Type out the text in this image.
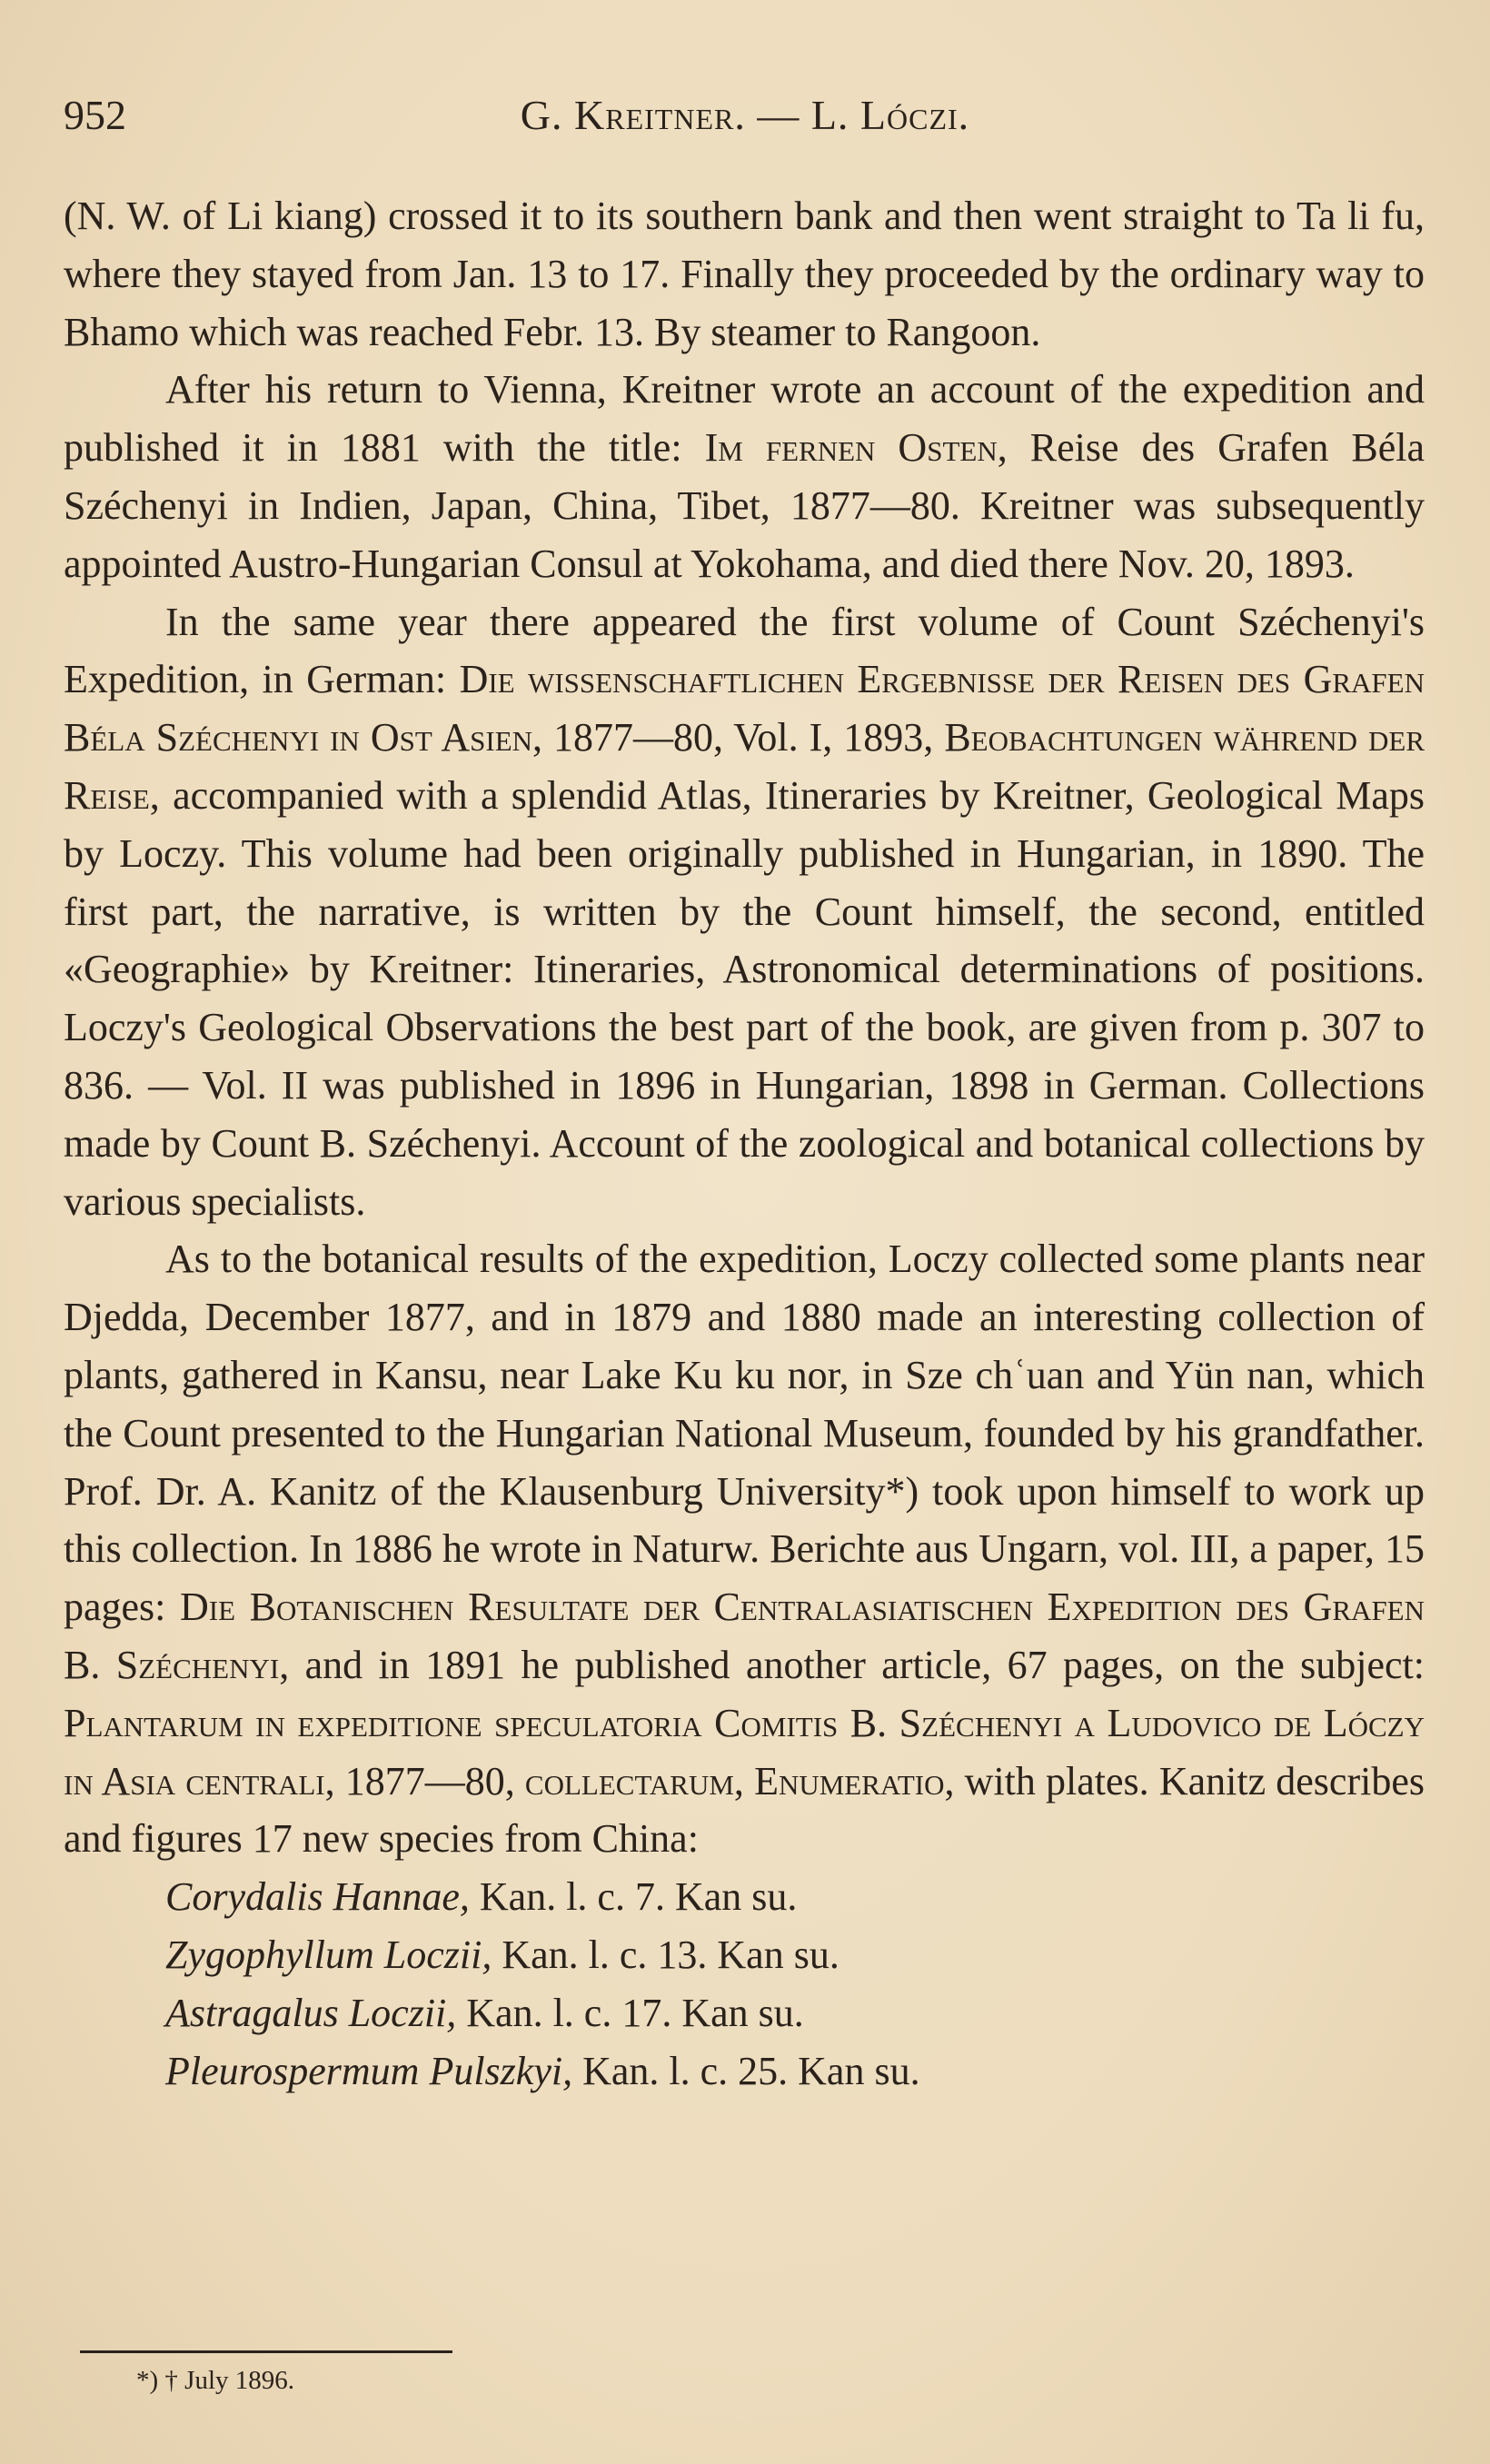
952	G. Kreitner. — L. Lóczi.

(N. W. of Li kiang) crossed it to its southern bank and then went straight to Ta li fu, where they stayed from Jan. 13 to 17. Finally they proceeded by the ordinary way to Bhamo which was reached Febr. 13. By steamer to Rangoon.

After his return to Vienna, Kreitner wrote an account of the expedition and published it in 1881 with the title: Im fernen Osten, Reise des Grafen Béla Széchenyi in Indien, Japan, China, Tibet, 1877—80. Kreitner was subsequently appointed Austro-Hungarian Consul at Yokohama, and died there Nov. 20, 1893.

In the same year there appeared the first volume of Count Széchenyi's Expedition, in German: Die wissenschaftlichen Ergebnisse der Reisen des Grafen Béla Széchenyi in Ost Asien, 1877—80, Vol. I, 1893, Beobachtungen während der Reise, accompanied with a splendid Atlas, Itineraries by Kreitner, Geological Maps by Loczy. This volume had been originally published in Hungarian, in 1890. The first part, the narrative, is written by the Count himself, the second, entitled «Geographie» by Kreitner: Itineraries, Astronomical determinations of positions. Loczy's Geological Observations the best part of the book, are given from p. 307 to 836. — Vol. II was published in 1896 in Hungarian, 1898 in German. Collections made by Count B. Széchenyi. Account of the zoological and botanical collections by various specialists.

As to the botanical results of the expedition, Loczy collected some plants near Djedda, December 1877, and in 1879 and 1880 made an interesting collection of plants, gathered in Kansu, near Lake Ku ku nor, in Sze chʿuan and Yün nan, which the Count presented to the Hungarian National Museum, founded by his grandfather. Prof. Dr. A. Kanitz of the Klausenburg University*) took upon himself to work up this collection. In 1886 he wrote in Naturw. Berichte aus Ungarn, vol. III, a paper, 15 pages: Die Botanischen Resultate der Centralasiatischen Expedition des Grafen B. Széchenyi, and in 1891 he published another article, 67 pages, on the subject: Plantarum in expeditione speculatoria Comitis B. Széchenyi a Ludovico de Lóczy in Asia centrali, 1877—80, collectarum, Enumeratio, with plates. Kanitz describes and figures 17 new species from China:

Corydalis Hannae, Kan. l. c. 7. Kan su.
Zygophyllum Loczii, Kan. l. c. 13. Kan su.
Astragalus Loczii, Kan. l. c. 17. Kan su.
Pleurospermum Pulszkyi, Kan. l. c. 25. Kan su.
*) † July 1896.
